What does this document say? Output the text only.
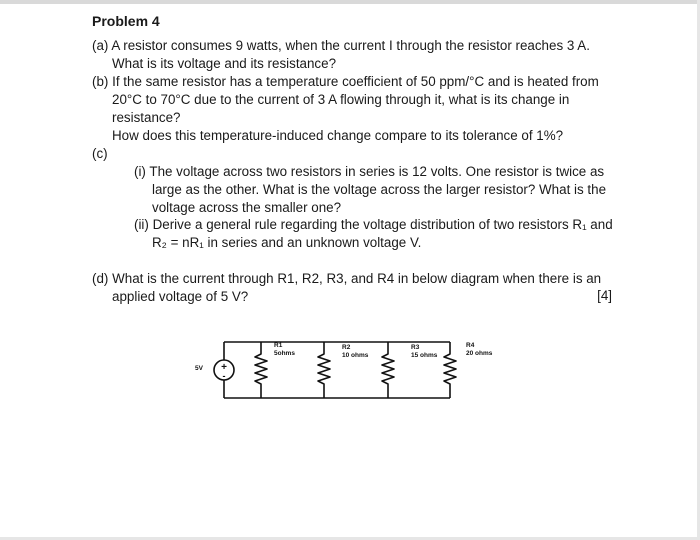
Problem 4
(a) A resistor consumes 9 watts, when the current I through the resistor reaches 3 A.
What is its voltage and its resistance?
(b) If the same resistor has a temperature coefficient of 50 ppm/°C and is heated from
20°C to 70°C due to the current of 3 A flowing through it, what is its change in
resistance?
How does this temperature-induced change compare to its tolerance of 1%?
(c)
(i) The voltage across two resistors in series is 12 volts. One resistor is twice as
large as the other. What is the voltage across the larger resistor? What is the
voltage across the smaller one?
(ii) Derive a general rule regarding the voltage distribution of two resistors R₁ and
R₂ = nR₁ in series and an unknown voltage V.
(d) What is the current through R1, R2, R3, and R4 in below diagram when there is an
applied voltage of 5 V?	[4]
+
-
5V
R1
5ohms
R2
10 ohms
R3
15 ohms
R4
20 ohms
